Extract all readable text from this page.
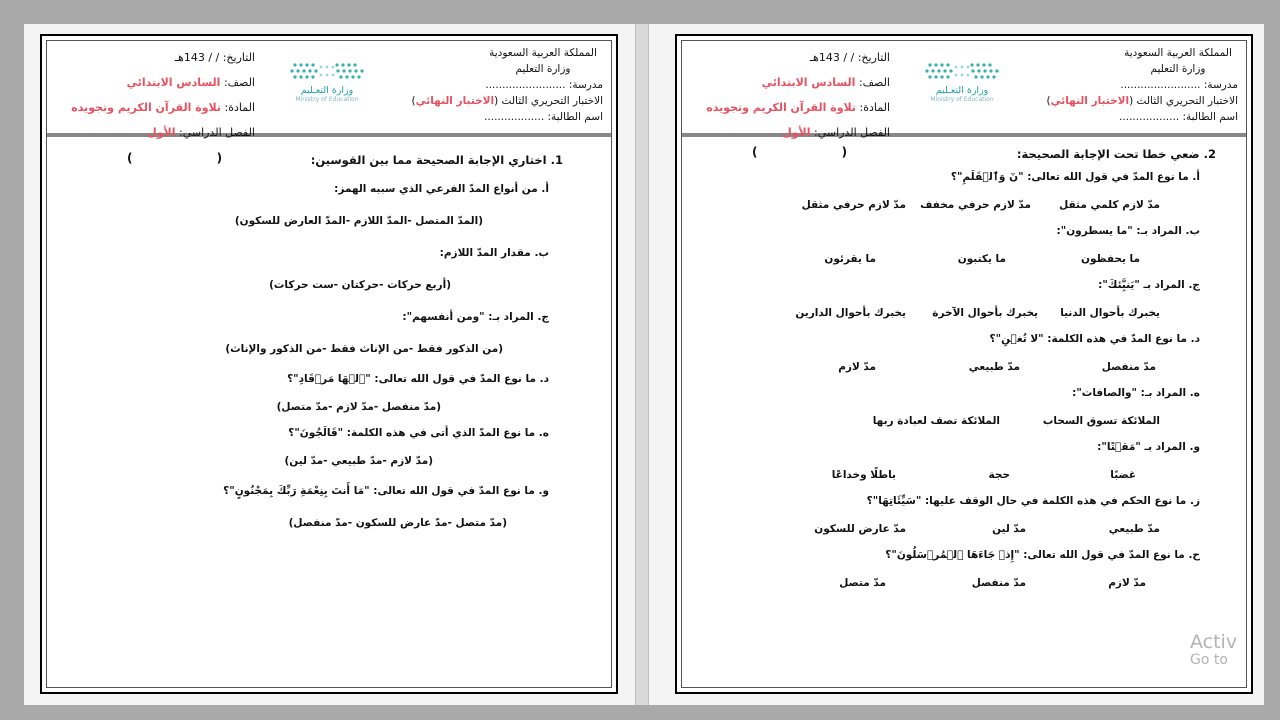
المملكة العربية السعودية
وزارة التعليم
مدرسة: ........................
الاختبار التحريري الثالث (الاختبار النهائي)
اسم الطالبة: ..................
وزارة التعـليم
Ministry of Education
التاريخ: / / 143هـ
الصف: السادس الابتدائي
المادة: تلاوة القرآن الكريم وتجويده
الفصل الدراسي: الأول
( )	1. اختاري الإجابة الصحيحة مما بين القوسين:
أ. من أنواع المدّ الفرعي الذي سببه الهمز:
(المدّ المتصل -المدّ اللازم -المدّ العارض للسكون)
ب. مقدار المدّ اللازم:
(أربع حركات -حركتان -ست حركات)
ج. المراد بـ: "ومن أنفسهم":
(من الذكور فقط -من الإناث فقط -من الذكور والإناث)
د. ما نوع المدّ في قول الله تعالى: "ﭐلۡهَا مَرۡقَادِ"؟
(مدّ منفصل -مدّ لازم -مدّ متصل)
ه. ما نوع المدّ الذي أتى في هذه الكلمة: "قَالَجُونَ"؟
(مدّ لازم -مدّ طبيعي -مدّ لين)
و. ما نوع المدّ في قول الله تعالى: "مَا أَنتَ بِنِعْمَةِ رَبِّكَ بِمَجْنُونٍ"؟
(مدّ متصل -مدّ عارض للسكون -مدّ منفصل)
المملكة العربية السعودية
وزارة التعليم
مدرسة: ........................
الاختبار التحريري الثالث (الاختبار النهائي)
اسم الطالبة: ..................
وزارة التعـليم
Ministry of Education
التاريخ: / / 143هـ
الصف: السادس الابتدائي
المادة: تلاوة القرآن الكريم وتجويده
الفصل الدراسي: الأول
( )	2. ضعي خطا تحت الإجابة الصحيحة:
أ. ما نوع المدّ في قول الله تعالى: "نٓ وَٱلۡقَلَمِ"؟
مدّ لازم كلمي مثقل
مدّ لازم حرفي مخفف
مدّ لازم حرفي مثقل
ب. المراد بـ: "ما يسطرون":
ما يحفظون
ما يكتبون
ما يقرئون
ج. المراد بـ "يَنبَِّئكَ":
يخبرك بأحوال الدنيا
يخبرك بأحوال الآخرة
يخبرك بأحوال الدارين
د. ما نوع المدّ في هذه الكلمة: "لا تُغۡنِ"؟
مدّ منفصل
مدّ طبيعي
مدّ لازم
ه. المراد بـ: "والصافات":
الملائكة تسوق السحاب
الملائكة تصف لعبادة ربها
و. المراد بـ "مَقۡتًا":
غضبًا
حجة
باطلًا وخداعًا
ز. ما نوع الحكم في هذه الكلمة في حال الوقف عليها: "سَيِّئَاتِهَا"؟
مدّ طبيعي
مدّ لين
مدّ عارض للسكون
ح. ما نوع المدّ في قول الله تعالى: "إِذۡ جَاءَهَا ٱلۡمُرۡسَلُونَ"؟
مدّ لازم
مدّ منفصل
مدّ متصل
Activ
Go to
